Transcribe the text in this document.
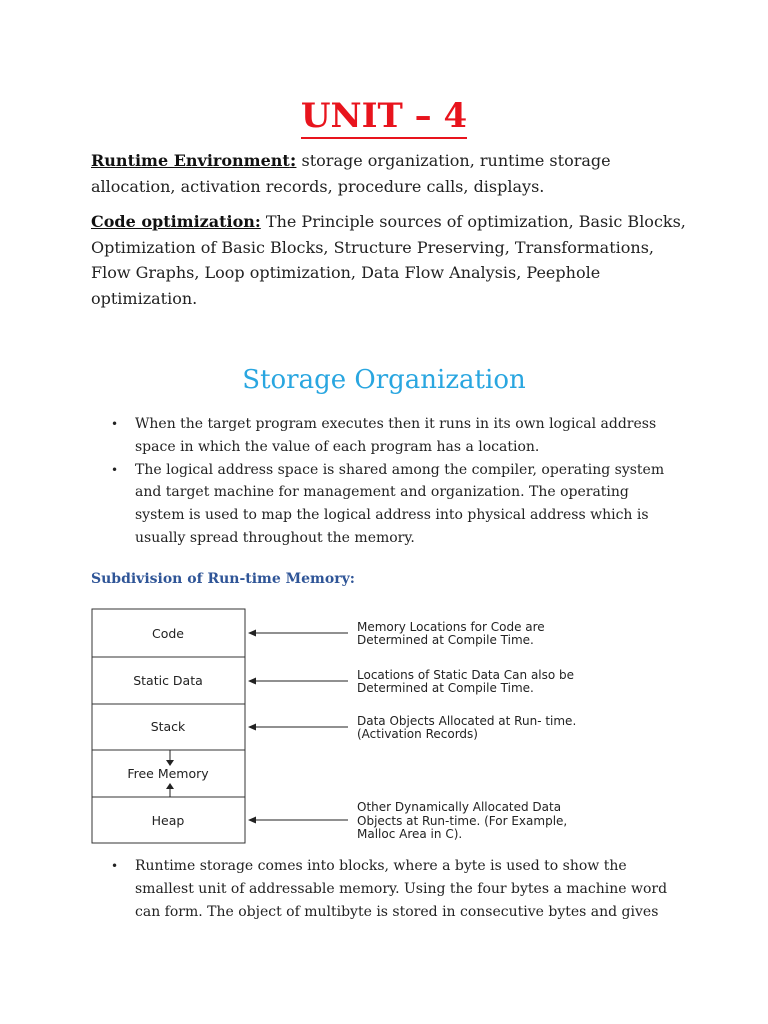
UNIT – 4

Runtime Environment: storage organization, runtime storage allocation, activation records, procedure calls, displays.

Code optimization: The Principle sources of optimization, Basic Blocks, Optimization of Basic Blocks, Structure Preserving, Transformations, Flow Graphs, Loop optimization, Data Flow Analysis, Peephole optimization.

Storage Organization
• When the target program executes then it runs in its own logical address space in which the value of each program has a location.
• The logical address space is shared among the compiler, operating system and target machine for management and organization. The operating system is used to map the logical address into physical address which is usually spread throughout the memory.
Subdivision of Run-time Memory:
Code
Static Data
Stack
Free Memory
Heap
Memory Locations for Code are
Determined at Compile Time.
Locations of Static Data Can also be
Determined at Compile Time.
Data Objects Allocated at Run- time.
(Activation Records)
Other Dynamically Allocated Data
Objects at Run-time. (For Example,
Malloc Area in C).
• Runtime storage comes into blocks, where a byte is used to show the smallest unit of addressable memory. Using the four bytes a machine word can form. The object of multibyte is stored in consecutive bytes and gives
